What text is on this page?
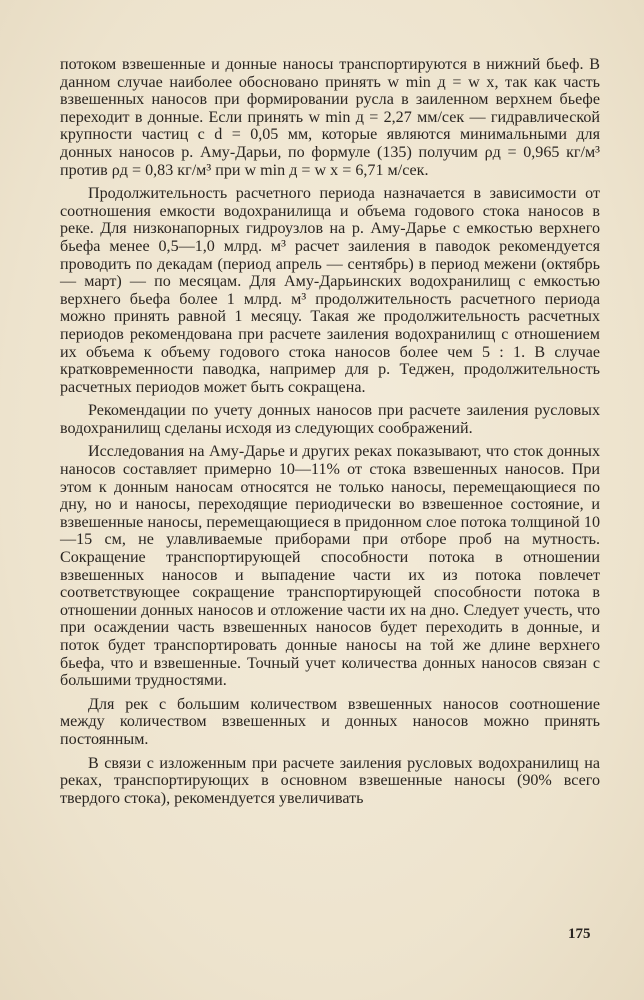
потоком взвешенные и донные наносы транспортируются в нижний бьеф. В данном случае наиболее обосновано принять w min д = w x, так как часть взвешенных наносов при формировании русла в заиленном верхнем бьефе переходит в донные. Если принять w min д = 2,27 мм/сек — гидравлической крупности частиц с d = 0,05 мм, которые являются минимальными для донных наносов р. Аму-Дарьи, по формуле (135) получим ρд = 0,965 кг/м³ против ρд = 0,83 кг/м³ при w min д = w x = 6,71 м/сек.

Продолжительность расчетного периода назначается в зависимости от соотношения емкости водохранилища и объема годового стока наносов в реке. Для низконапорных гидроузлов на р. Аму-Дарье с емкостью верхнего бьефа менее 0,5—1,0 млрд. м³ расчет заиления в паводок рекомендуется проводить по декадам (период апрель — сентябрь) в период межени (октябрь — март) — по месяцам. Для Аму-Дарьинских водохранилищ с емкостью верхнего бьефа более 1 млрд. м³ продолжительность расчетного периода можно принять равной 1 месяцу. Такая же продолжительность расчетных периодов рекомендована при расчете заиления водохранилищ с отношением их объема к объему годового стока наносов более чем 5 : 1. В случае кратковременности паводка, например для р. Теджен, продолжительность расчетных периодов может быть сокращена.

Рекомендации по учету донных наносов при расчете заиления русловых водохранилищ сделаны исходя из следующих соображений.

Исследования на Аму-Дарье и других реках показывают, что сток донных наносов составляет примерно 10—11% от стока взвешенных наносов. При этом к донным наносам относятся не только наносы, перемещающиеся по дну, но и наносы, переходящие периодически во взвешенное состояние, и взвешенные наносы, перемещающиеся в придонном слое потока толщиной 10—15 см, не улавливаемые приборами при отборе проб на мутность. Сокращение транспортирующей способности потока в отношении взвешенных наносов и выпадение части их из потока повлечет соответствующее сокращение транспортирующей способности потока в отношении донных наносов и отложение части их на дно. Следует учесть, что при осаждении часть взвешенных наносов будет переходить в донные, и поток будет транспортировать донные наносы на той же длине верхнего бьефа, что и взвешенные. Точный учет количества донных наносов связан с большими трудностями.

Для рек с большим количеством взвешенных наносов соотношение между количеством взвешенных и донных наносов можно принять постоянным.

В связи с изложенным при расчете заиления русловых водохранилищ на реках, транспортирующих в основном взвешенные наносы (90% всего твердого стока), рекомендуется увеличивать

175
